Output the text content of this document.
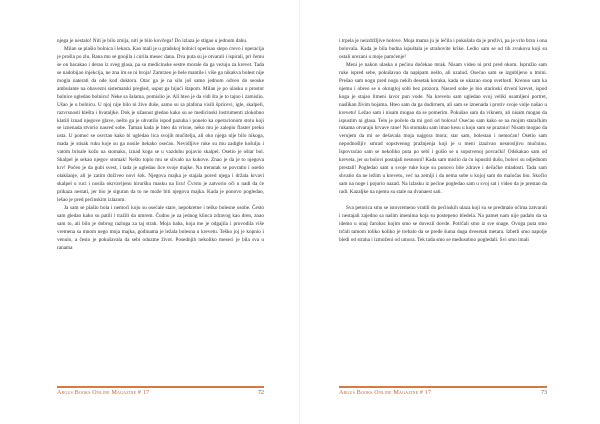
njega je nestalo! Niti je bilo zmija, niti je bilo kovčega! Do izlaza je stigao u jednom dahu.

Milan se plašio bolnica i lekara. Kao mali je u gradskoj bolnici operisao slepo crevo i operacija je prošla po zlu. Rana mu se gnojila i curila mesec dana. Dva puta su je otvarali i ispirali, pri čemu se on bacakao i derao iz sveg glasa, pa su medicinske sestre morale da ga vezuju za krevet. Tada se nadobijao injekcija, ne zna im se ni broja! Zamrzeo je bele mantile i više ga nikakva bolest nije mogla naterati da ode kod doktora. Otac ga je na silu još samo jednom odveo do seoske ambulante na obavezni sistematski pregled, usput ga bijući štapom. Milan je po ulasku u prostor bolnice ugledao bolnicu! Neke sa šalama, pomislio je. Ali hteo je da vidi šta je to tajno i zamislio. Ušao je u bolnicu. U njoj nije bilo ni žive duše, samo su sa plafona visili špricevi, igle, skalpeli, razvrsnosti klešta i hvataljke. Dok je užasnut gledao kako su se medicinski instrumenti zlokobno klatili iznad njegove glave, nešto ga je uhvatilo ispod pazuha i ponelo ka operacionom stolu koji se iznenada stvorio nasred sobe. Taman kada je hteo da vrisne, neko mu je zalepio flaster preko usta. U pomoć se osvrtao kako bi ugledao lica svojih mučitelja, ali oko njega nije bilo nikoga, mada je stisak ruku koje su ga nosile itekako osećao. Nevidljive ruke su mu zadigle košulju i vatom brisale kožu na stomaku, iznad koga se u vazduhu pojavio skalpel. Osetio je oštar bol. Skalpel je sekao njegov stomak! Nešto toplo mu se slivalo na kukove. Znao je da je to njegova krv! Počeo je da gubi svest, i tada je ugledao lice svoje majke. Na trenutak se povratio i osetio olakšanje, ali je zatim doživeo novi šok. Njegova majka je stajala pored njega i držala krvavi skalpel u ruci i nosila okrvavljenu hiruršku masku na licu! Čvrsto je zatvorio oči u nadi da će prikaza nestati, jer bio je siguran da to ne može biti njegova majka. Kada je ponovo pogledao, lešao je pred pećinskim izlazom.

Ja sam se plašio bola i nemoći koju su osećale stare, nepokretne i teško bolesne osobe. Često sam gledao kako su patili i tražili da umrem. Čudno je za jednog klinca zdravog kao dren, znao sam to, ali bilo je dobrog razloga za taj strah. Moja baba, koja me je odgajila i provodila više vremena sa mnom nego moja majka, godinama je ležala bolesna u krevetu. Teško joj je kopnio i venulo, a često je pokušavala da sebi oduzme život. Posednjih nekoliko meseci je bila sva u ranama

Argus Books Online Magazine # 17	72

i trpela je neizdržljive bolove. Moja mama ju je lečila i pokušala da je preživi, pa je vrlo brzo i ona bolovala. Kada je bila budna ispuštala je strahovite krike. Ledio sam se od tih zvukova koji su ostali urezani u moje pamćenje!

Meni je nakon ulaska u pećinu dočekao mrak. Nisam video ni prst pred okom. Ispružio sam ruke ispred sebe, pokušavao da napipam nešto, ali uzalud. Osećao sam se izgubljeno u tmini. Prešao sam nogu pred nogu nekih desetak koraka, kada se ukazao snop svetlosti. Krenuo sam ka njemu i obreo se u okrugloj sobi bez prozora. Nasred sobe je bio starinski drveni krevet, ispod koga je stajao limeni lavor pun vode. Na krevetu sam ugledao svoj veliki usamljeni portret, naslikan živim bojama. Hteo sam da ga dodirnem, ali sam se iznenada i protiv svoje volje našao u krevetu! Ležao sam i nisam mogao da se pomerim. Pokušao sam da viknem, ali nisam mogao da ispustim ni glasa. Telo je počelo da mi gori od bolova! Osećao sam kako se na mojim staračkim rukama otvaraju krvave rane! Na stomaku sam imao kesu u koju sam se praznio! Nisam mogao da verujem da mi se dešavala moja najgora mora; star sam, bolestan i nemoćan! Osetio sam nepodnošljiv smrad sopstvenog pražnjenja koji je u meni izazivao nesnosljivu mučninu. Ispovraćao sam se nekoliko puta po sebi i gušio se u sopstvenoj povraćki! Odskakao sam od kreveta, jer su bolovi postajali nesnosni! Kada sam mislio da ću ispustiti dušu, bolovi su odjednom prestali! Pogledao sam u svoje ruke koje su ponovo bile zdrave i dečačke mladosti. Tada sam shvatio da ne ležim u krevetu, već na zemlji i da nema sobe u kojoj sam do maločas bio. Skočio sam na noge i pojurio nazad. Na izlasku iz pećine pogledao sam u svoj sat i video da je prestao da radi. Kazaljke na njemu su stale na dvanaest sati.

Sva petorica smo se istovremeno vratili do pećinskih ulaza koji su se predmalo očima zatvarali i nestajali zajedno sa našim imenima koja su postepeno bledela. Na pamet nam nije padalo da sa idemo u onaj čarobac kojim smo se dovezli dovde. Potrčali smo iz sve snage. Ovoga puta smo trčali tamom toliko koliko je trebalo da se pređe šuma duga dvesetak metara. Izbetli smo napolje bledi od straha i izmoženi od umora. Tek tada smo se međusobno pogledali. Svi smo imali

Argus Books Online Magazine # 17	73
